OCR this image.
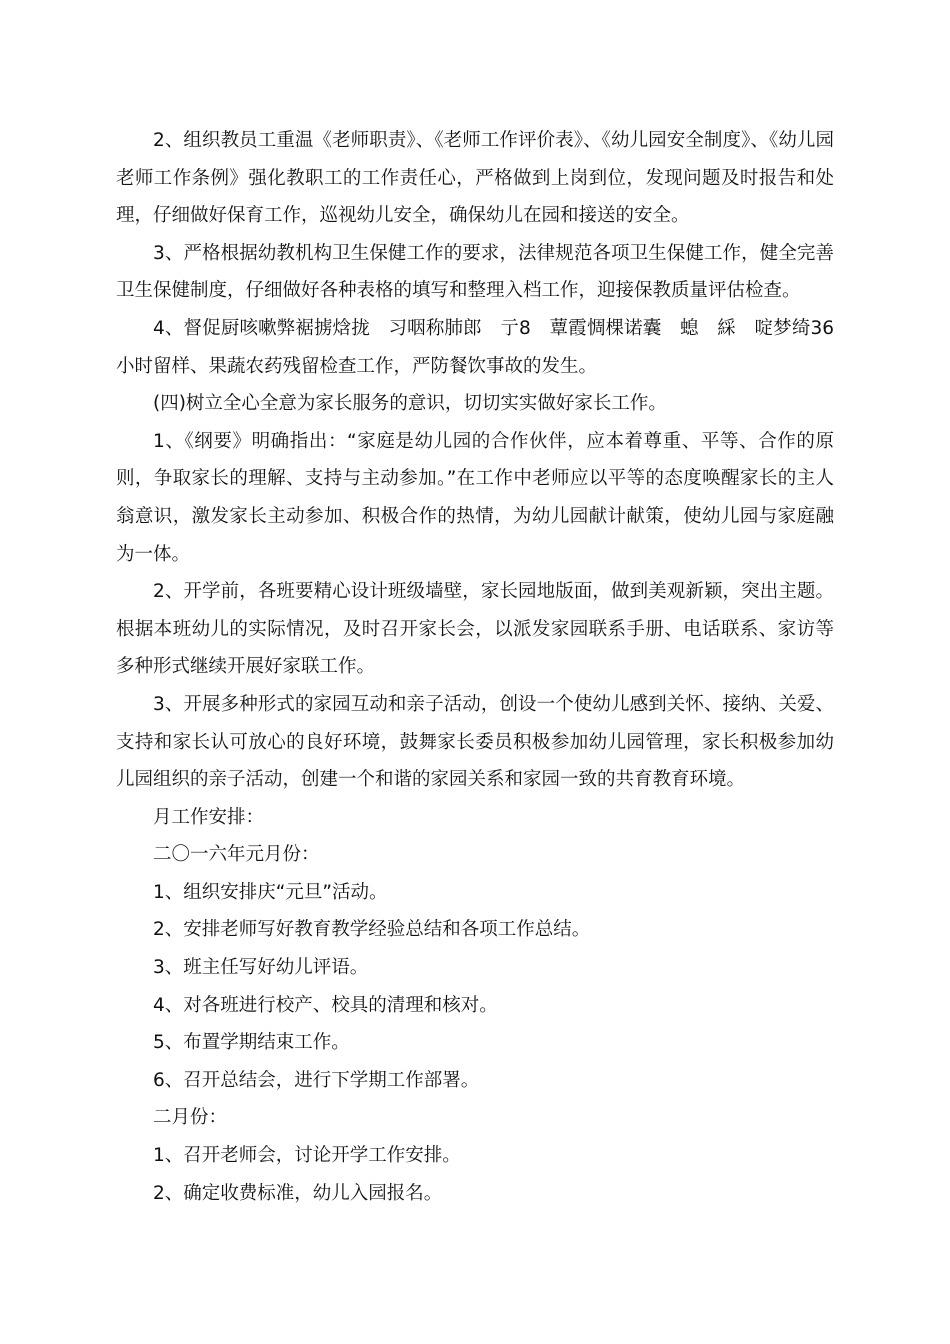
2、组织教员工重温《老师职责》、《老师工作评价表》、《幼儿园安全制度》、《幼儿园老师工作条例》强化教职工的工作责任心，严格做到上岗到位，发现问题及时报告和处理，仔细做好保育工作，巡视幼儿安全，确保幼儿在园和接送的安全。

3、严格根据幼教机构卫生保健工作的要求，法律规范各项卫生保健工作，健全完善卫生保健制度，仔细做好各种表格的填写和整理入档工作，迎接保教质量评估检查。

4、督促厨咳嗽弊裾掳焓拢　习咽称肺郎　亍8　蕈霞惆棵诺囊　螅　綵　啶梦绮36小时留样、果蔬农药残留检查工作，严防餐饮事故的发生。

(四)树立全心全意为家长服务的意识，切切实实做好家长工作。

1、《纲要》明确指出：“家庭是幼儿园的合作伙伴，应本着尊重、平等、合作的原则，争取家长的理解、支持与主动参加。”在工作中老师应以平等的态度唤醒家长的主人翁意识，激发家长主动参加、积极合作的热情，为幼儿园献计献策，使幼儿园与家庭融为一体。

2、开学前，各班要精心设计班级墙壁，家长园地版面，做到美观新颖，突出主题。根据本班幼儿的实际情况，及时召开家长会，以派发家园联系手册、电话联系、家访等多种形式继续开展好家联工作。

3、开展多种形式的家园互动和亲子活动，创设一个使幼儿感到关怀、接纳、关爱、支持和家长认可放心的良好环境，鼓舞家长委员积极参加幼儿园管理，家长积极参加幼儿园组织的亲子活动，创建一个和谐的家园关系和家园一致的共育教育环境。

月工作安排：

二〇一六年元月份：

1、组织安排庆“元旦”活动。

2、安排老师写好教育教学经验总结和各项工作总结。

3、班主任写好幼儿评语。

4、对各班进行校产、校具的清理和核对。

5、布置学期结束工作。

6、召开总结会，进行下学期工作部署。

二月份：

1、召开老师会，讨论开学工作安排。

2、确定收费标准，幼儿入园报名。
